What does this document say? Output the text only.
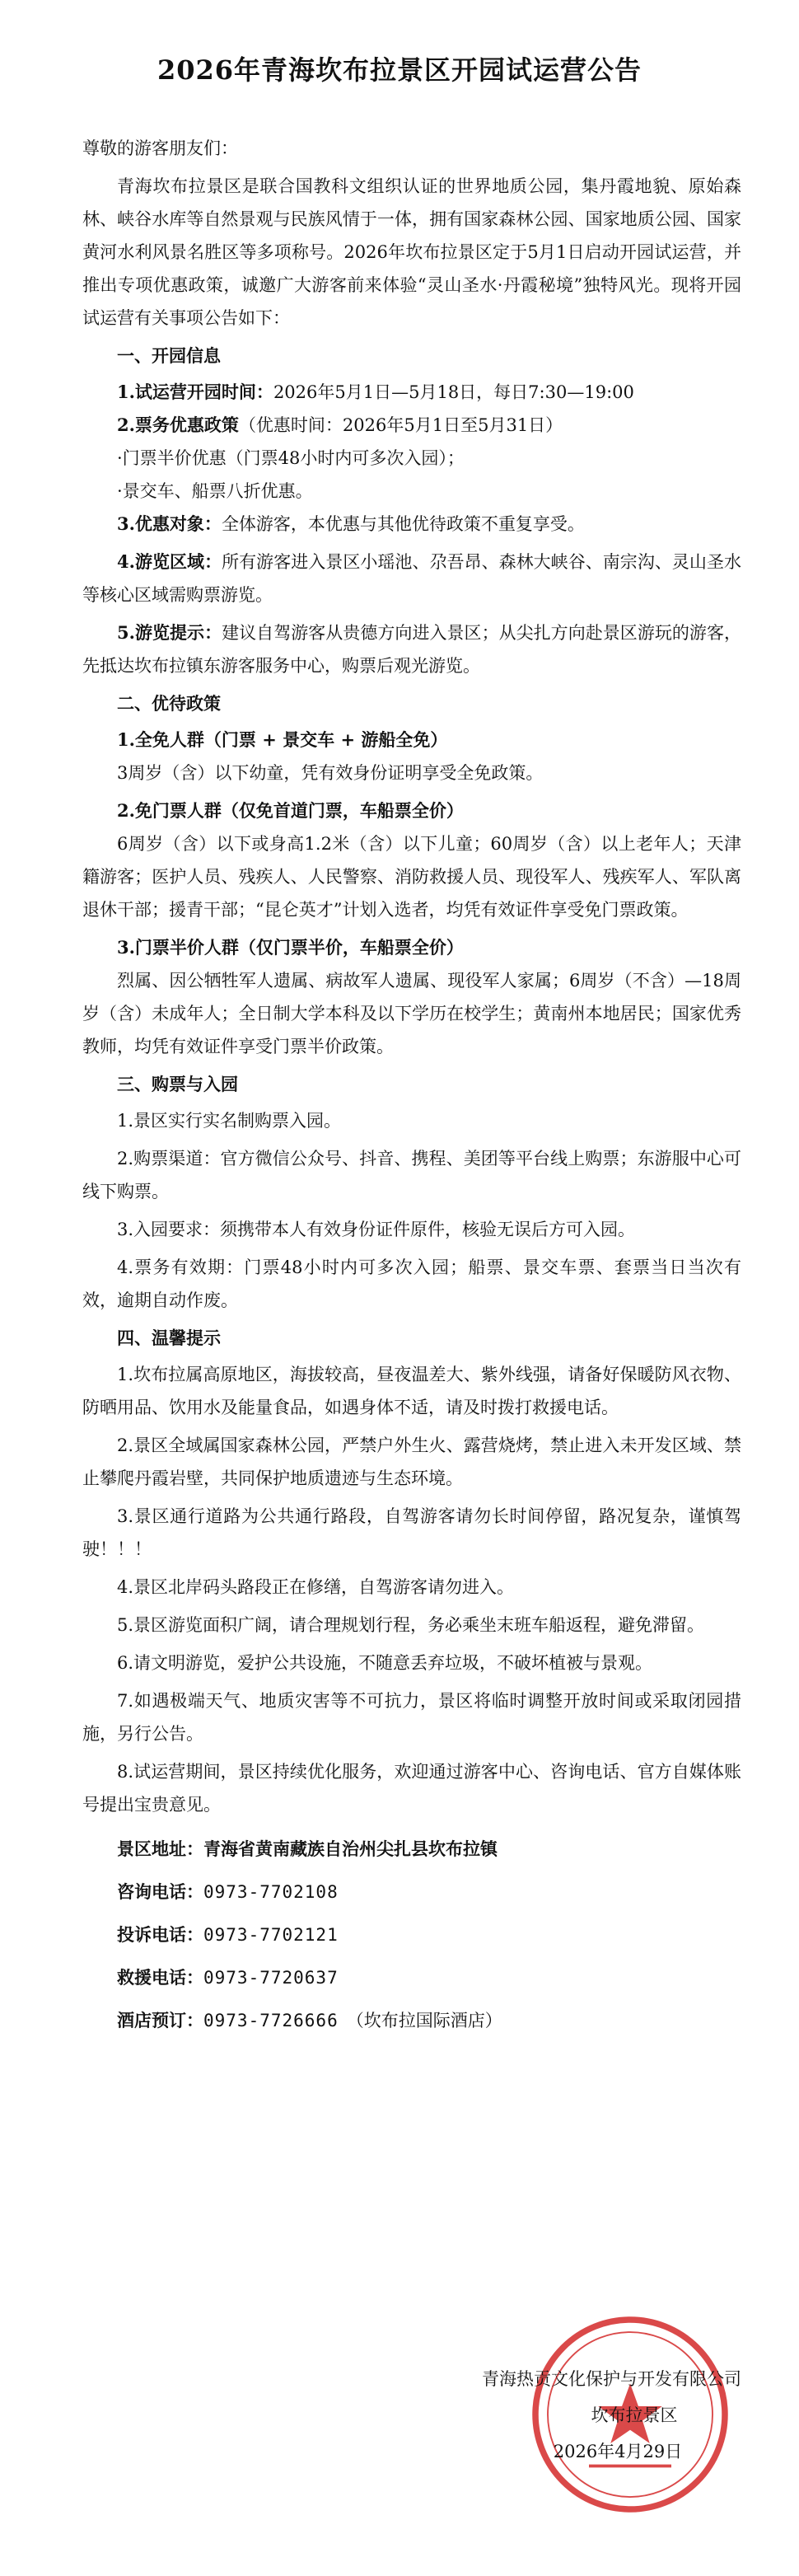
2026年青海坎布拉景区开园试运营公告

尊敬的游客朋友们：

青海坎布拉景区是联合国教科文组织认证的世界地质公园，集丹霞地貌、原始森林、峡谷水库等自然景观与民族风情于一体，拥有国家森林公园、国家地质公园、国家黄河水利风景名胜区等多项称号。2026年坎布拉景区定于5月1日启动开园试运营，并推出专项优惠政策，诚邀广大游客前来体验“灵山圣水·丹霞秘境”独特风光。现将开园试运营有关事项公告如下：

一、开园信息

1.试运营开园时间：2026年5月1日—5月18日，每日7:30—19:00

2.票务优惠政策（优惠时间：2026年5月1日至5月31日）

·门票半价优惠（门票48小时内可多次入园）；

·景交车、船票八折优惠。

3.优惠对象：全体游客，本优惠与其他优待政策不重复享受。

4.游览区域：所有游客进入景区小瑶池、尕吾昂、森林大峡谷、南宗沟、灵山圣水等核心区域需购票游览。

5.游览提示：建议自驾游客从贵德方向进入景区；从尖扎方向赴景区游玩的游客，先抵达坎布拉镇东游客服务中心，购票后观光游览。

二、优待政策

1.全免人群（门票 + 景交车 + 游船全免）

3周岁（含）以下幼童，凭有效身份证明享受全免政策。

2.免门票人群（仅免首道门票，车船票全价）

6周岁（含）以下或身高1.2米（含）以下儿童；60周岁（含）以上老年人；天津籍游客；医护人员、残疾人、人民警察、消防救援人员、现役军人、残疾军人、军队离退休干部；援青干部；“昆仑英才”计划入选者，均凭有效证件享受免门票政策。

3.门票半价人群（仅门票半价，车船票全价）

烈属、因公牺牲军人遗属、病故军人遗属、现役军人家属；6周岁（不含）—18周岁（含）未成年人；全日制大学本科及以下学历在校学生；黄南州本地居民；国家优秀教师，均凭有效证件享受门票半价政策。

三、购票与入园

1.景区实行实名制购票入园。

2.购票渠道：官方微信公众号、抖音、携程、美团等平台线上购票；东游服中心可线下购票。

3.入园要求：须携带本人有效身份证件原件，核验无误后方可入园。

4.票务有效期：门票48小时内可多次入园；船票、景交车票、套票当日当次有效，逾期自动作废。

四、温馨提示

1.坎布拉属高原地区，海拔较高，昼夜温差大、紫外线强，请备好保暖防风衣物、防晒用品、饮用水及能量食品，如遇身体不适，请及时拨打救援电话。

2.景区全域属国家森林公园，严禁户外生火、露营烧烤，禁止进入未开发区域、禁止攀爬丹霞岩壁，共同保护地质遗迹与生态环境。

3.景区通行道路为公共通行路段，自驾游客请勿长时间停留，路况复杂，谨慎驾驶！！！

4.景区北岸码头路段正在修缮，自驾游客请勿进入。

5.景区游览面积广阔，请合理规划行程，务必乘坐末班车船返程，避免滞留。

6.请文明游览，爱护公共设施，不随意丢弃垃圾，不破坏植被与景观。

7.如遇极端天气、地质灾害等不可抗力，景区将临时调整开放时间或采取闭园措施，另行公告。

8.试运营期间，景区持续优化服务，欢迎通过游客中心、咨询电话、官方自媒体账号提出宝贵意见。

景区地址：青海省黄南藏族自治州尖扎县坎布拉镇

咨询电话：0973-7702108

投诉电话：0973-7702121

救援电话：0973-7720637

酒店预订：0973-7726666 （坎布拉国际酒店）

青海热贡文化保护与开发有限公司
坎布拉景区
2026年4月29日
